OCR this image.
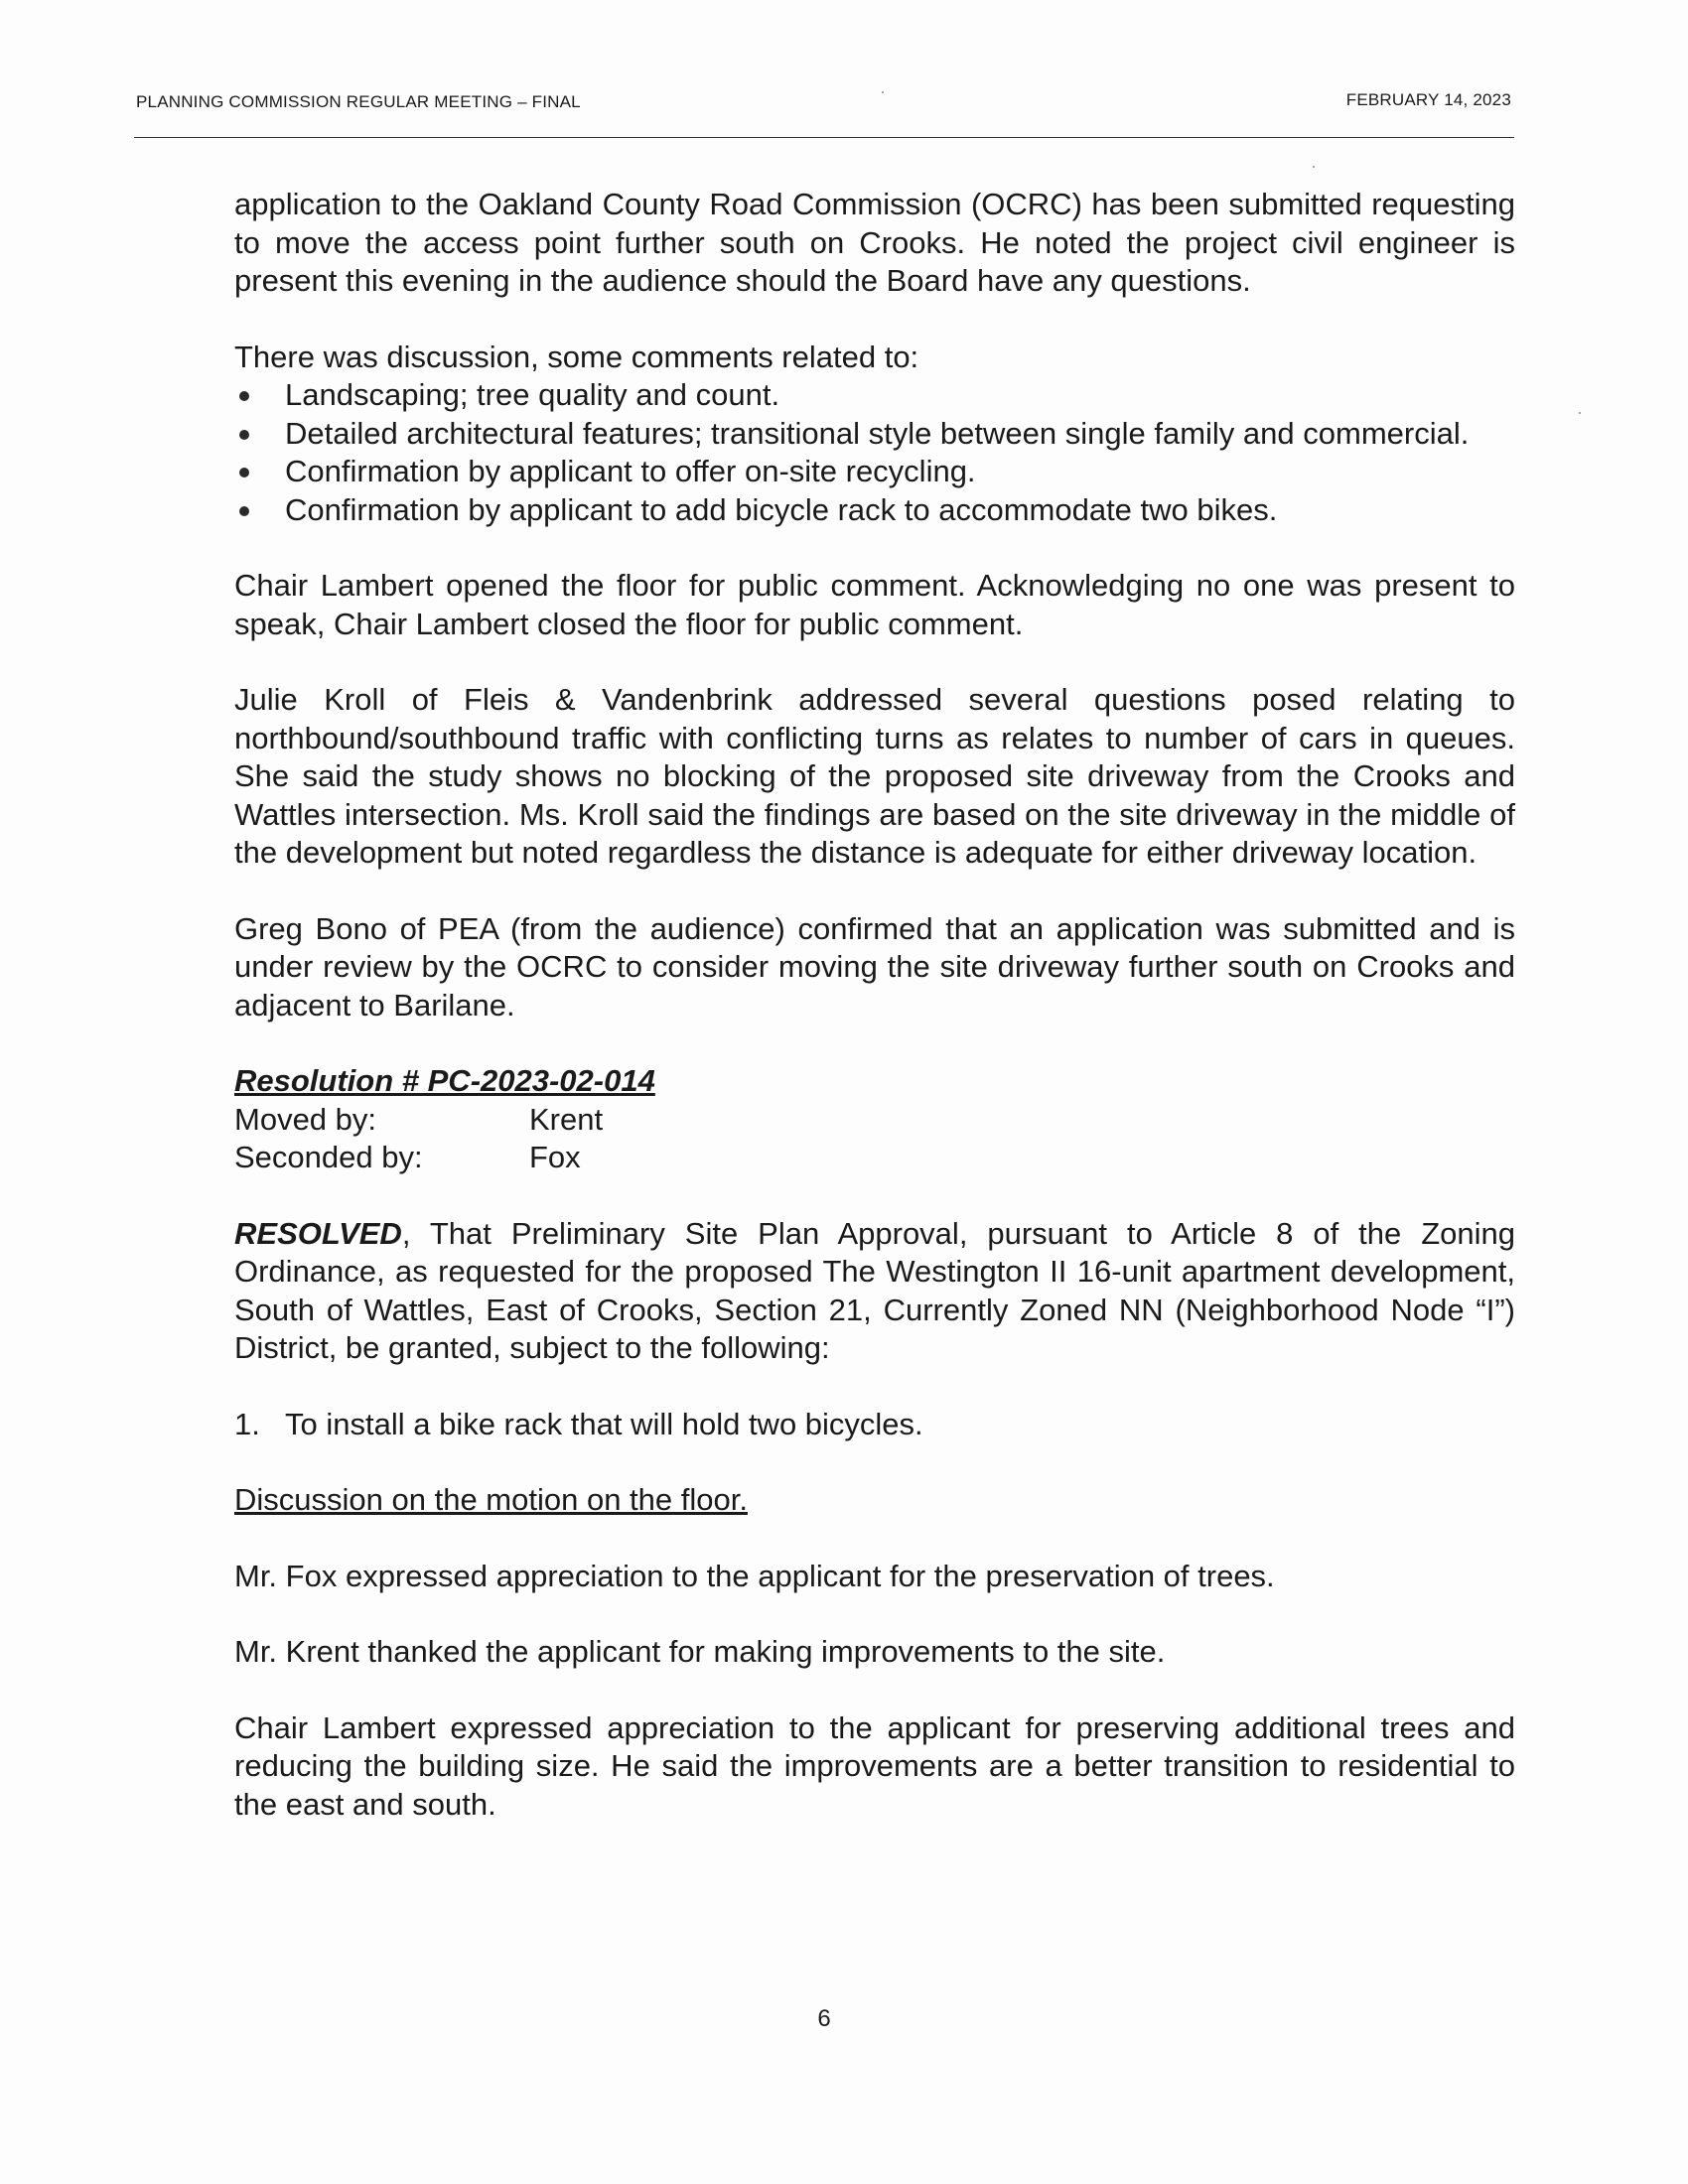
PLANNING COMMISSION REGULAR MEETING – FINAL	FEBRUARY 14, 2023

application to the Oakland County Road Commission (OCRC) has been submitted requesting to move the access point further south on Crooks. He noted the project civil engineer is present this evening in the audience should the Board have any questions.

There was discussion, some comments related to:

Landscaping; tree quality and count.
Detailed architectural features; transitional style between single family and commercial.
Confirmation by applicant to offer on-site recycling.
Confirmation by applicant to add bicycle rack to accommodate two bikes.

Chair Lambert opened the floor for public comment. Acknowledging no one was present to speak, Chair Lambert closed the floor for public comment.

Julie Kroll of Fleis & Vandenbrink addressed several questions posed relating to northbound/southbound traffic with conflicting turns as relates to number of cars in queues. She said the study shows no blocking of the proposed site driveway from the Crooks and Wattles intersection. Ms. Kroll said the findings are based on the site driveway in the middle of the development but noted regardless the distance is adequate for either driveway location.

Greg Bono of PEA (from the audience) confirmed that an application was submitted and is under review by the OCRC to consider moving the site driveway further south on Crooks and adjacent to Barilane.

Resolution # PC-2023-02-014

Moved by:	Krent
Seconded by:	Fox

RESOLVED, That Preliminary Site Plan Approval, pursuant to Article 8 of the Zoning Ordinance, as requested for the proposed The Westington II 16-unit apartment development, South of Wattles, East of Crooks, Section 21, Currently Zoned NN (Neighborhood Node “I”) District, be granted, subject to the following:

1. To install a bike rack that will hold two bicycles.

Discussion on the motion on the floor.

Mr. Fox expressed appreciation to the applicant for the preservation of trees.

Mr. Krent thanked the applicant for making improvements to the site.

Chair Lambert expressed appreciation to the applicant for preserving additional trees and reducing the building size. He said the improvements are a better transition to residential to the east and south.

6
